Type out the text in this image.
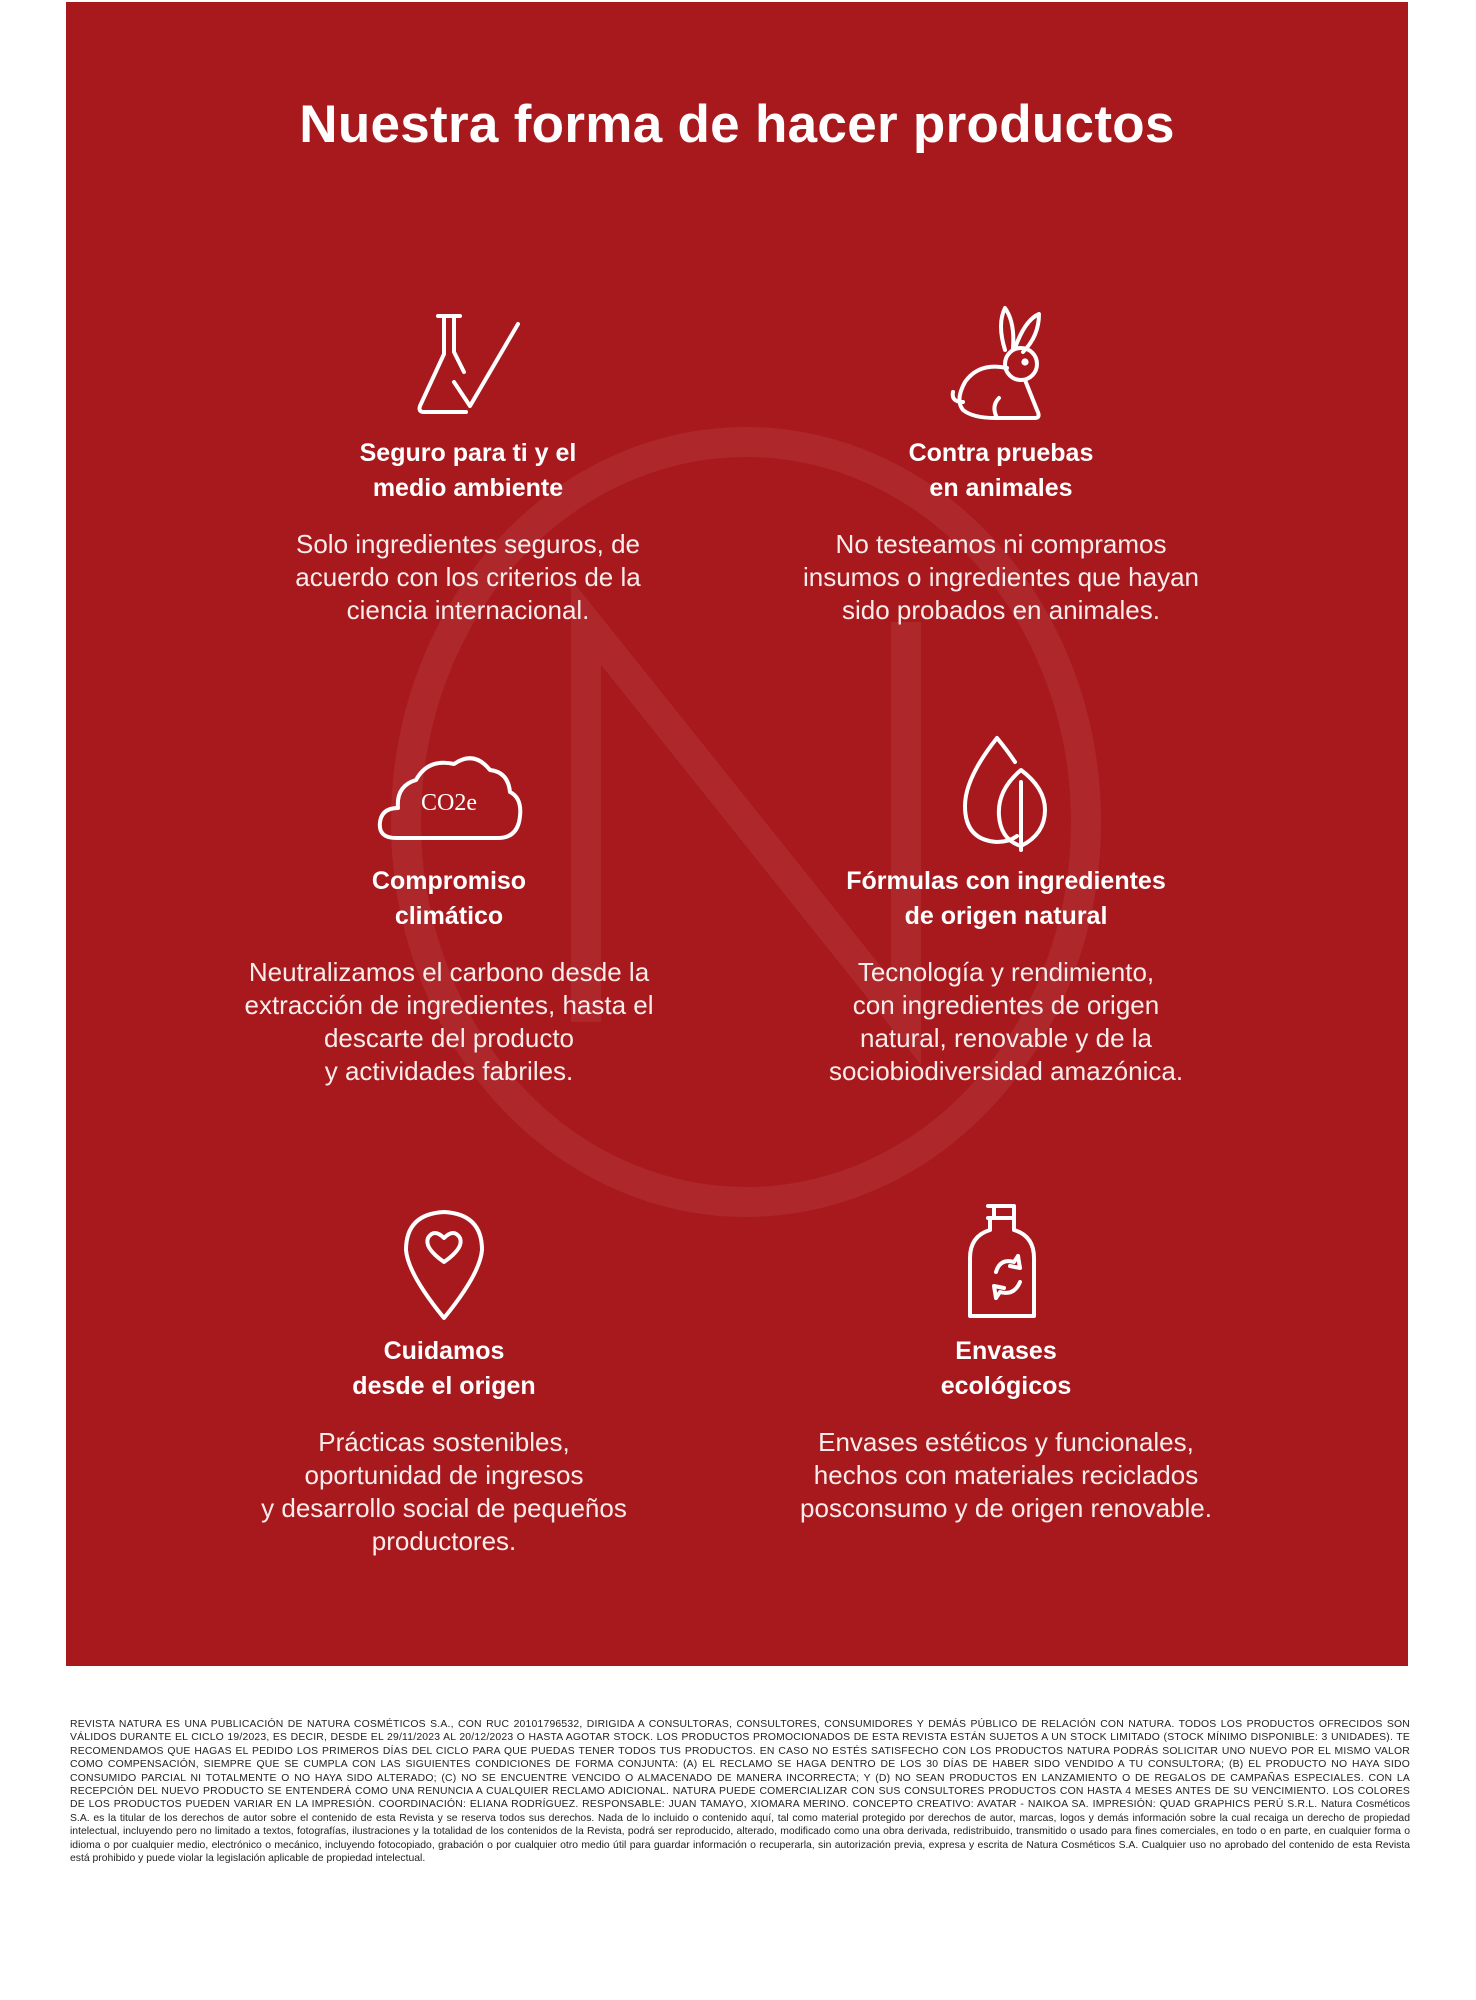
Nuestra forma de hacer productos
Seguro para ti y el
medio ambiente

Solo ingredientes seguros, de
acuerdo con los criterios de la
ciencia internacional.

Contra pruebas
en animales

No testeamos ni compramos
insumos o ingredientes que hayan
sido probados en animales.

CO2e
Compromiso
climático

Neutralizamos el carbono desde la
extracción de ingredientes, hasta el
descarte del producto
y actividades fabriles.

Fórmulas con ingredientes
de origen natural

Tecnología y rendimiento,
con ingredientes de origen
natural, renovable y de la
sociobiodiversidad amazónica.

Cuidamos
desde el origen

Prácticas sostenibles,
oportunidad de ingresos
y desarrollo social de pequeños
productores.

Envases
ecológicos

Envases estéticos y funcionales,
hechos con materiales reciclados
posconsumo y de origen renovable.

REVISTA NATURA ES UNA PUBLICACIÓN DE NATURA COSMÉTICOS S.A., CON RUC 20101796532, DIRIGIDA A CONSULTORAS, CONSULTORES, CONSUMIDORES Y DEMÁS PÚBLICO DE RELACIÓN CON NATURA. TODOS LOS PRODUCTOS OFRECIDOS SON VÁLIDOS DURANTE EL CICLO 19/2023, ES DECIR, DESDE EL 29/11/2023 AL 20/12/2023 O HASTA AGOTAR STOCK. LOS PRODUCTOS PROMOCIONADOS DE ESTA REVISTA ESTÁN SUJETOS A UN STOCK LIMITADO (STOCK MÍNIMO DISPONIBLE: 3 UNIDADES). TE RECOMENDAMOS QUE HAGAS EL PEDIDO LOS PRIMEROS DÍAS DEL CICLO PARA QUE PUEDAS TENER TODOS TUS PRODUCTOS. EN CASO NO ESTÉS SATISFECHO CON LOS PRODUCTOS NATURA PODRÁS SOLICITAR UNO NUEVO POR EL MISMO VALOR COMO COMPENSACIÓN, SIEMPRE QUE SE CUMPLA CON LAS SIGUIENTES CONDICIONES DE FORMA CONJUNTA: (A) EL RECLAMO SE HAGA DENTRO DE LOS 30 DÍAS DE HABER SIDO VENDIDO A TU CONSULTORA; (B) EL PRODUCTO NO HAYA SIDO CONSUMIDO PARCIAL NI TOTALMENTE O NO HAYA SIDO ALTERADO; (C) NO SE ENCUENTRE VENCIDO O ALMACENADO DE MANERA INCORRECTA; Y (D) NO SEAN PRODUCTOS EN LANZAMIENTO O DE REGALOS DE CAMPAÑAS ESPECIALES. CON LA RECEPCIÓN DEL NUEVO PRODUCTO SE ENTENDERÁ COMO UNA RENUNCIA A CUALQUIER RECLAMO ADICIONAL. NATURA PUEDE COMERCIALIZAR CON SUS CONSULTORES PRODUCTOS CON HASTA 4 MESES ANTES DE SU VENCIMIENTO. LOS COLORES DE LOS PRODUCTOS PUEDEN VARIAR EN LA IMPRESIÓN. COORDINACIÓN: ELIANA RODRÍGUEZ. RESPONSABLE: JUAN TAMAYO, XIOMARA MERINO. CONCEPTO CREATIVO: AVATAR - NAIKOA SA. IMPRESIÓN: QUAD GRAPHICS PERÚ S.R.L. Natura Cosméticos S.A. es la titular de los derechos de autor sobre el contenido de esta Revista y se reserva todos sus derechos. Nada de lo incluido o contenido aquí, tal como material protegido por derechos de autor, marcas, logos y demás información sobre la cual recaiga un derecho de propiedad intelectual, incluyendo pero no limitado a textos, fotografías, ilustraciones y la totalidad de los contenidos de la Revista, podrá ser reproducido, alterado, modificado como una obra derivada, redistribuido, transmitido o usado para fines comerciales, en todo o en parte, en cualquier forma o idioma o por cualquier medio, electrónico o mecánico, incluyendo fotocopiado, grabación o por cualquier otro medio útil para guardar información o recuperarla, sin autorización previa, expresa y escrita de Natura Cosméticos S.A. Cualquier uso no aprobado del contenido de esta Revista está prohibido y puede violar la legislación aplicable de propiedad intelectual.
